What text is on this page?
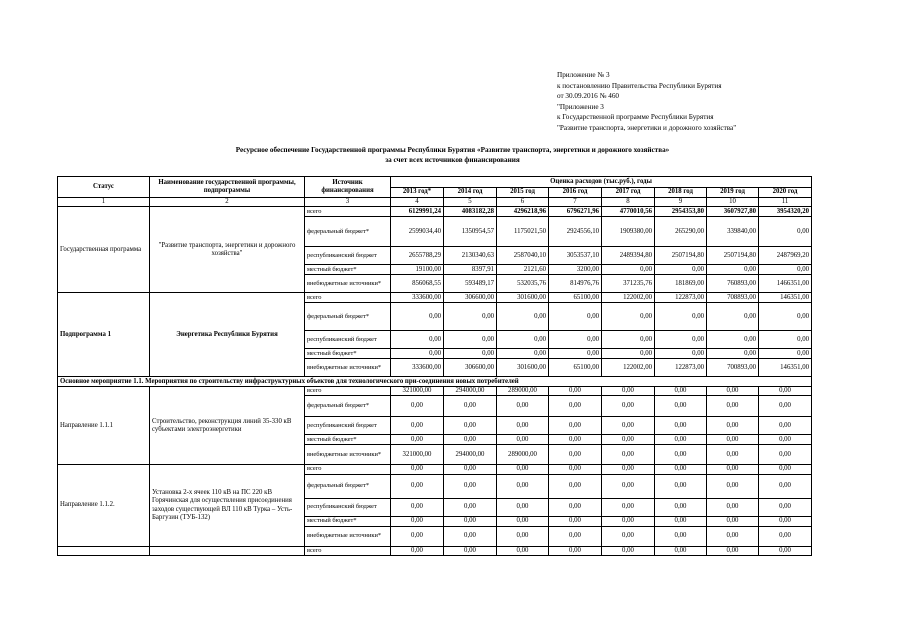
Приложение № 3
к постановлению Правительства Республики Бурятия
от 30.09.2016 № 460
"Приложение 3
к Государственной программе Республики Бурятия
"Развитие транспорта, энергетики и дорожного хозяйства"
Ресурсное обеспечение Государственной программы Республики Бурятия «Развитие транспорта, энергетики и дорожного хозяйства»
за счет всех источников финансирования
Статус	Наименование государственной программы, подпрограммы	Источник финансирования	Оценка расходов (тыс.руб.), годы							
			2013 год*	2014 год	2015 год	2016 год	2017 год	2018 год	2019 год	2020 год
1	2	3	4	5	6	7	8	9	10	11
Государственная программа	"Развитие транспорта, энергетики и дорожного хозяйства"	всего	6129991,24	4083182,28	4296218,96	6796271,96	4770010,56	2954353,80	3607927,80	3954320,20
		федеральный бюджет*	2599034,40	1350954,57	1175021,50	2924556,10	1909380,00	265290,00	339840,00	0,00
		республиканский бюджет	2655788,29	2130340,63	2587040,10	3053537,10	2489394,80	2507194,80	2507194,80	2487969,20
		местный бюджет*	19100,00	8397,91	2121,60	3200,00	0,00	0,00	0,00	0,00
		внебюджетные источники*	856068,55	593489,17	532035,76	814976,76	371235,76	181869,00	760893,00	1466351,00
Подпрограмма 1	Энергетика Республики Бурятия	всего	333600,00	306600,00	301600,00	65100,00	122002,00	122873,00	708893,00	146351,00
		федеральный бюджет*	0,00	0,00	0,00	0,00	0,00	0,00	0,00	0,00
		республиканский бюджет	0,00	0,00	0,00	0,00	0,00	0,00	0,00	0,00
		местный бюджет*	0,00	0,00	0,00	0,00	0,00	0,00	0,00	0,00
		внебюджетные источники*	333600,00	306600,00	301600,00	65100,00	122002,00	122873,00	700893,00	146351,00
Основное мероприятие 1.1. Мероприятия по строительству инфраструктурных объектов для технологического при-соединения новых потребителей										
Направление 1.1.1	Строительство, реконструкция линий 35-330 кВ субъектами электроэнергетики	всего	321000,00	294000,00	289000,00	0,00	0,00	0,00	0,00	0,00
		федеральный бюджет*	0,00	0,00	0,00	0,00	0,00	0,00	0,00	0,00
		республиканский бюджет	0,00	0,00	0,00	0,00	0,00	0,00	0,00	0,00
		местный бюджет*	0,00	0,00	0,00	0,00	0,00	0,00	0,00	0,00
		внебюджетные источники*	321000,00	294000,00	289000,00	0,00	0,00	0,00	0,00	0,00
Направление 1.1.2.	Установка 2-х ячеек 110 кВ на ПС 220 кВ Горячинская для осуществления присоединения заходов существующей ВЛ 110 кВ Турка – Усть-Баргузин (ТУБ-132)	всего	0,00	0,00	0,00	0,00	0,00	0,00	0,00	0,00
		федеральный бюджет*	0,00	0,00	0,00	0,00	0,00	0,00	0,00	0,00
		республиканский бюджет	0,00	0,00	0,00	0,00	0,00	0,00	0,00	0,00
		местный бюджет*	0,00	0,00	0,00	0,00	0,00	0,00	0,00	0,00
		внебюджетные источники*	0,00	0,00	0,00	0,00	0,00	0,00	0,00	0,00
		всего	0,00	0,00	0,00	0,00	0,00	0,00	0,00	0,00
